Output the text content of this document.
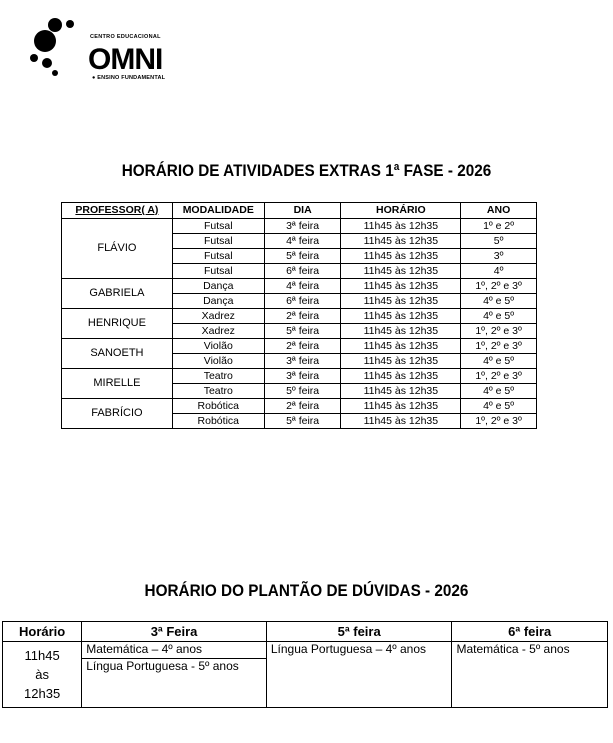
CENTRO EDUCACIONAL
OMNI
● ENSINO FUNDAMENTAL
HORÁRIO DE ATIVIDADES EXTRAS 1ª FASE - 2026
PROFESSOR( A)	MODALIDADE	DIA	HORÁRIO	ANO
FLÁVIO	Futsal	3ª feira	11h45 às 12h35	1º e 2º
	Futsal	4ª feira	11h45 às 12h35	5º
	Futsal	5ª feira	11h45 às 12h35	3º
	Futsal	6ª feira	11h45 às 12h35	4º
GABRIELA	Dança	4ª feira	11h45 às 12h35	1º, 2º e 3º
	Dança	6ª feira	11h45 às 12h35	4º e 5º
HENRIQUE	Xadrez	2ª feira	11h45 às 12h35	4º e 5º
	Xadrez	5ª feira	11h45 às 12h35	1º, 2º e 3º
SANOETH	Violão	2ª feira	11h45 às 12h35	1º, 2º e 3º
	Violão	3ª feira	11h45 às 12h35	4º e 5º
MIRELLE	Teatro	3ª feira	11h45 às 12h35	1º, 2º e 3º
	Teatro	5º feira	11h45 às 12h35	4º e 5º
FABRÍCIO	Robótica	2ª feira	11h45 às 12h35	4º e 5º
	Robótica	5ª feira	11h45 às 12h35	1º, 2º e 3º
HORÁRIO DO PLANTÃO DE DÚVIDAS - 2026
Horário	3ª Feira	5ª feira	6ª feira

11h45
às
12h35	Matemática – 4º anos	Língua Portuguesa – 4º anos	Matemática - 5º anos
	Língua Portuguesa - 5º anos		
